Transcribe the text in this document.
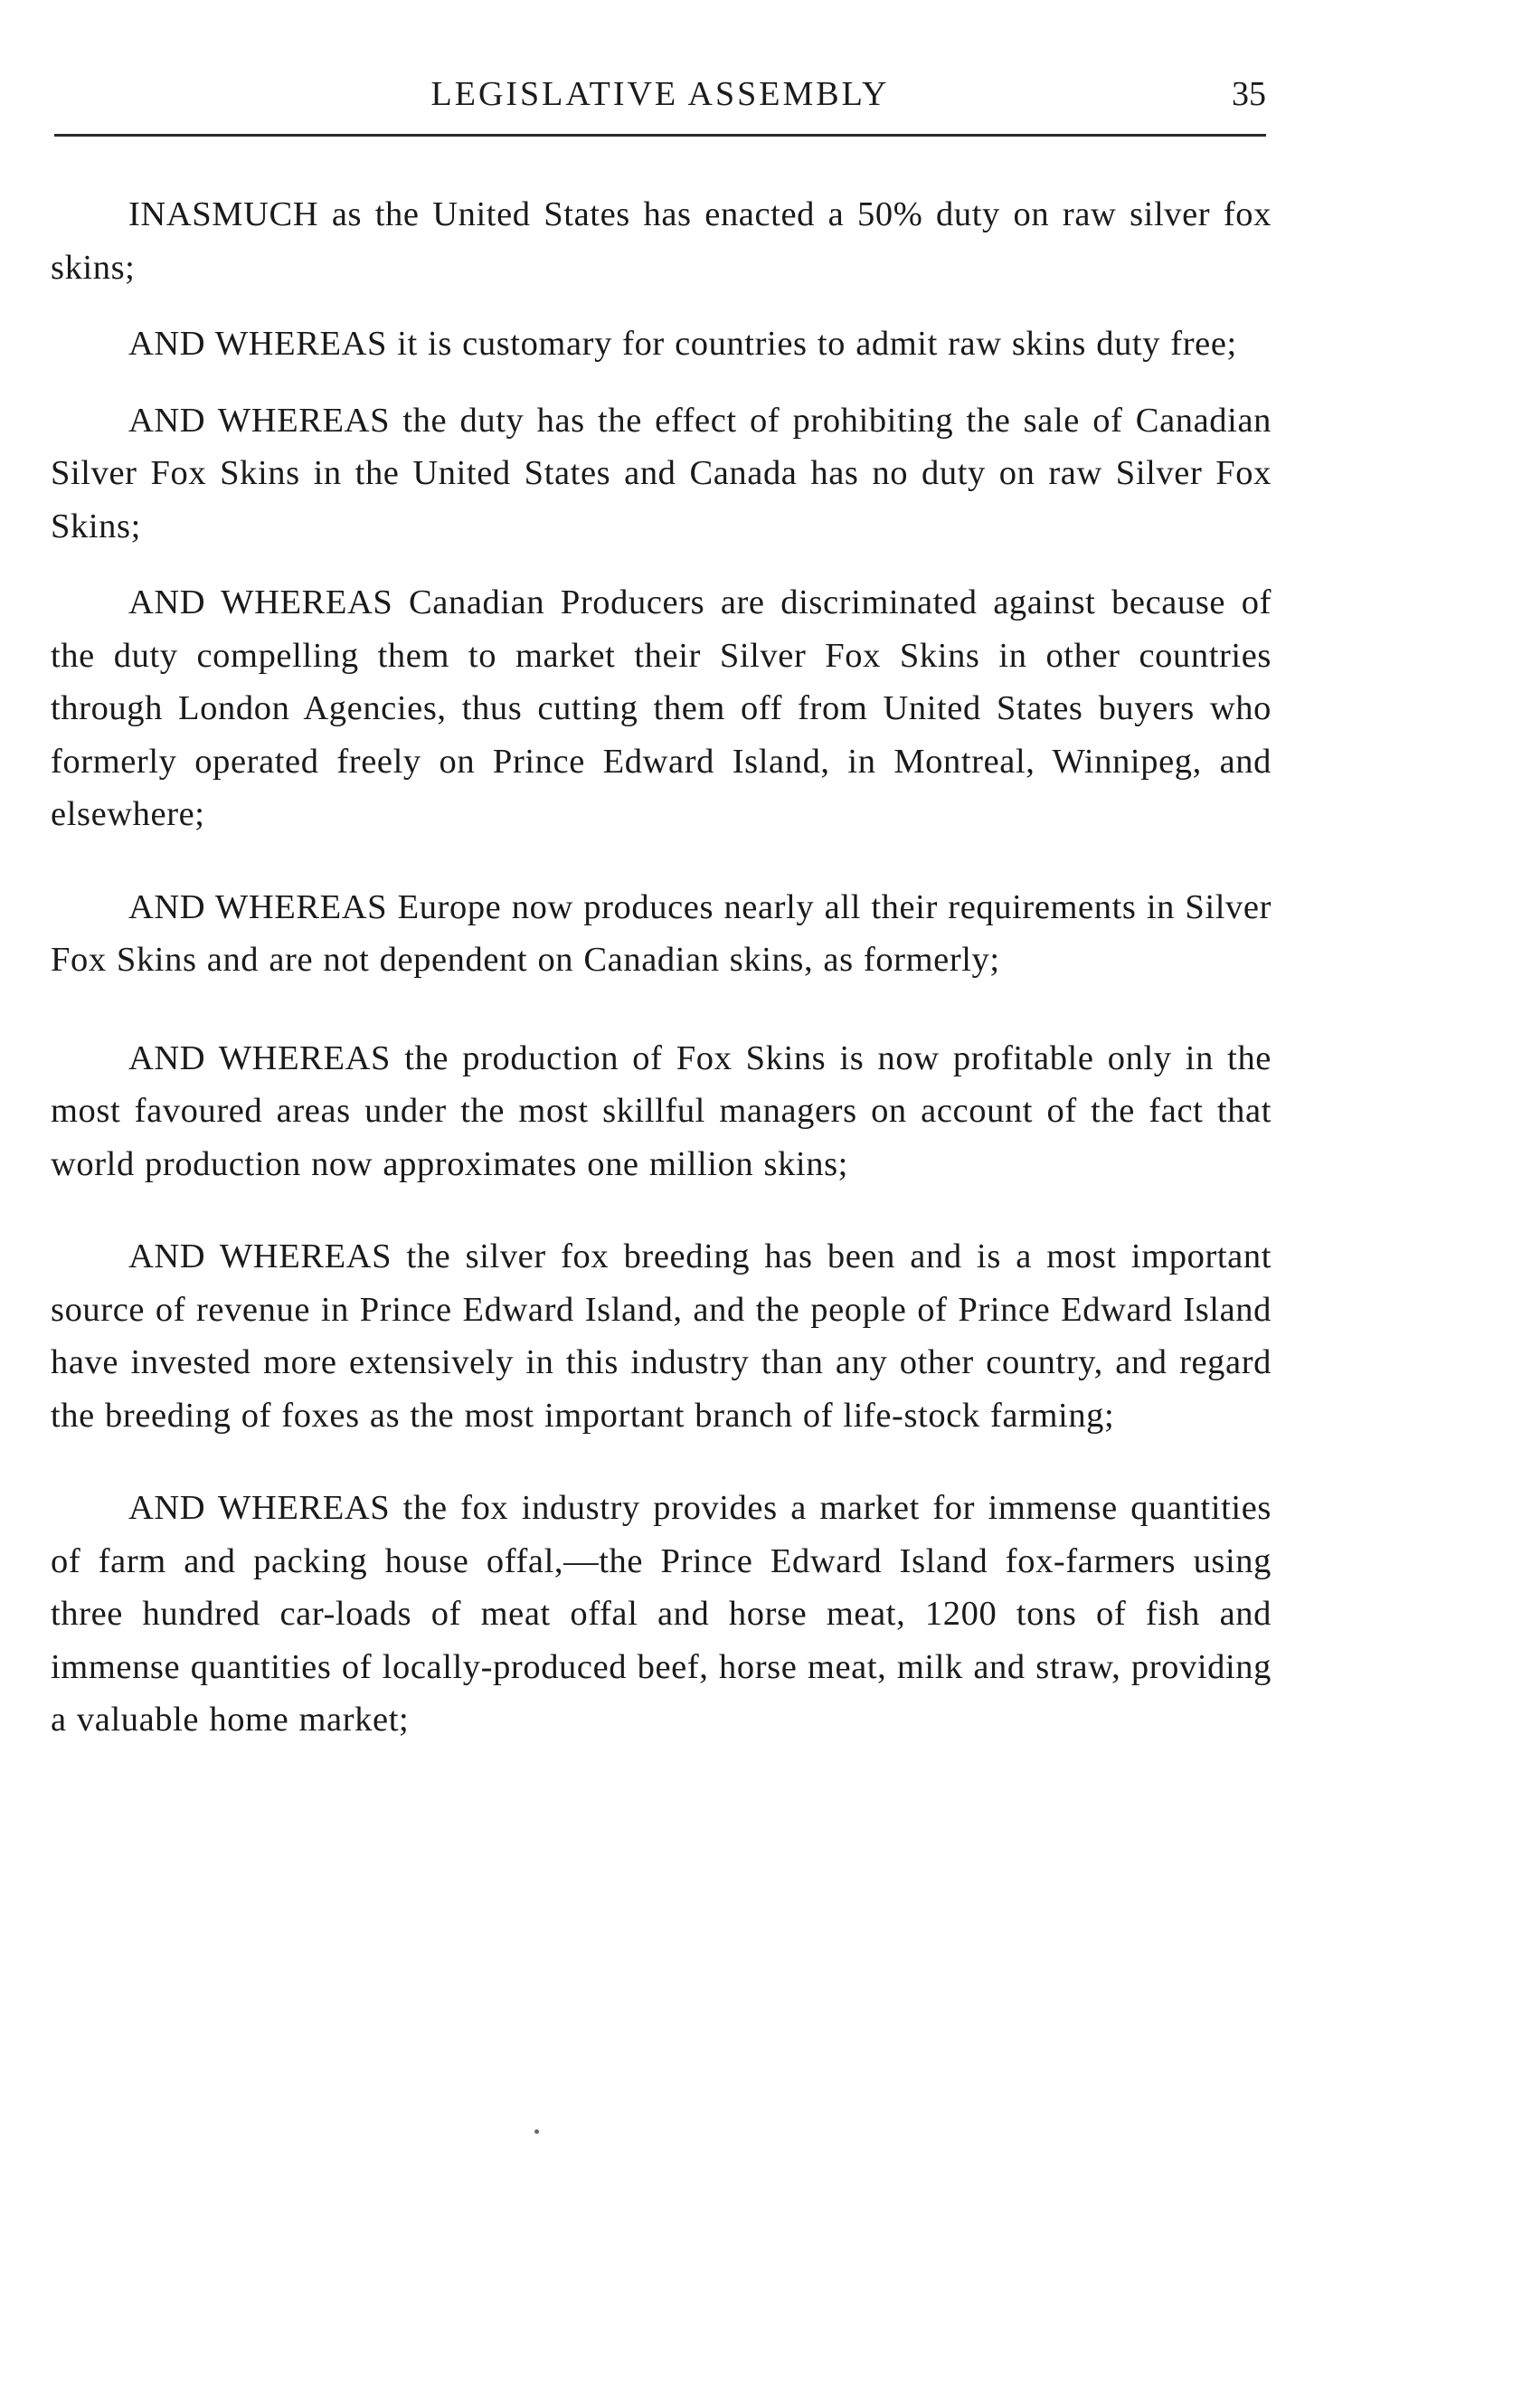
LEGISLATIVE ASSEMBLY	35

INASMUCH as the United States has enacted a 50% duty on raw silver fox skins;

AND WHEREAS it is customary for countries to admit raw skins duty free;

AND WHEREAS the duty has the effect of prohibiting the sale of Canadian Silver Fox Skins in the United States and Canada has no duty on raw Silver Fox Skins;

AND WHEREAS Canadian Producers are discriminated against because of the duty compelling them to market their Silver Fox Skins in other countries through London Agencies, thus cutting them off from United States buyers who formerly operated freely on Prince Edward Island, in Montreal, Winnipeg, and elsewhere;

AND WHEREAS Europe now produces nearly all their requirements in Silver Fox Skins and are not dependent on Canadian skins, as formerly;

AND WHEREAS the production of Fox Skins is now profitable only in the most favoured areas under the most skillful managers on account of the fact that world production now approximates one million skins;

AND WHEREAS the silver fox breeding has been and is a most important source of revenue in Prince Edward Island, and the people of Prince Edward Island have invested more extensively in this industry than any other country, and regard the breeding of foxes as the most important branch of life-stock farming;

AND WHEREAS the fox industry provides a market for immense quantities of farm and packing house offal,—the Prince Edward Island fox-farmers using three hundred car-loads of meat offal and horse meat, 1200 tons of fish and immense quantities of locally-produced beef, horse meat, milk and straw, providing a valuable home market;
